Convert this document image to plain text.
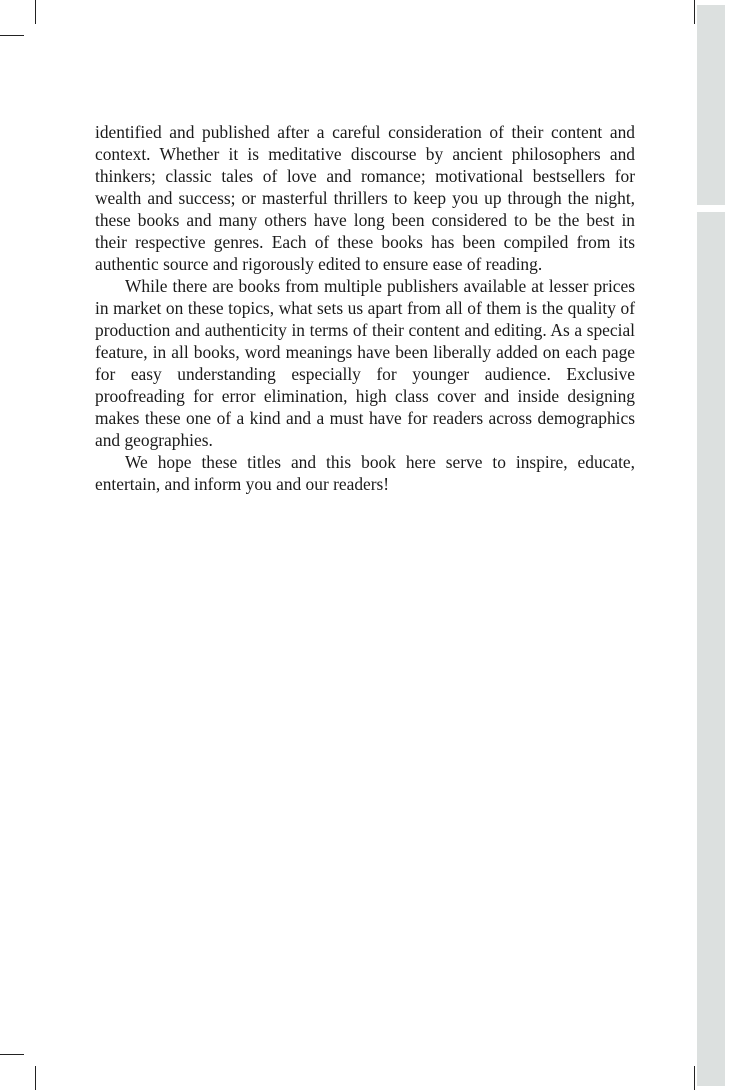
identified and published after a careful consideration of their content and context. Whether it is meditative discourse by ancient philosophers and thinkers; classic tales of love and romance; motivational bestsellers for wealth and success; or masterful thrillers to keep you up through the night, these books and many others have long been considered to be the best in their respective genres. Each of these books has been compiled from its authentic source and rigorously edited to ensure ease of reading.

While there are books from multiple publishers available at lesser prices in market on these topics, what sets us apart from all of them is the quality of production and authenticity in terms of their content and editing. As a special feature, in all books, word meanings have been liberally added on each page for easy understanding especially for younger audience. Exclusive proofreading for error elimination, high class cover and inside designing makes these one of a kind and a must have for readers across demographics and geographies.

We hope these titles and this book here serve to inspire, educate, entertain, and inform you and our readers!
